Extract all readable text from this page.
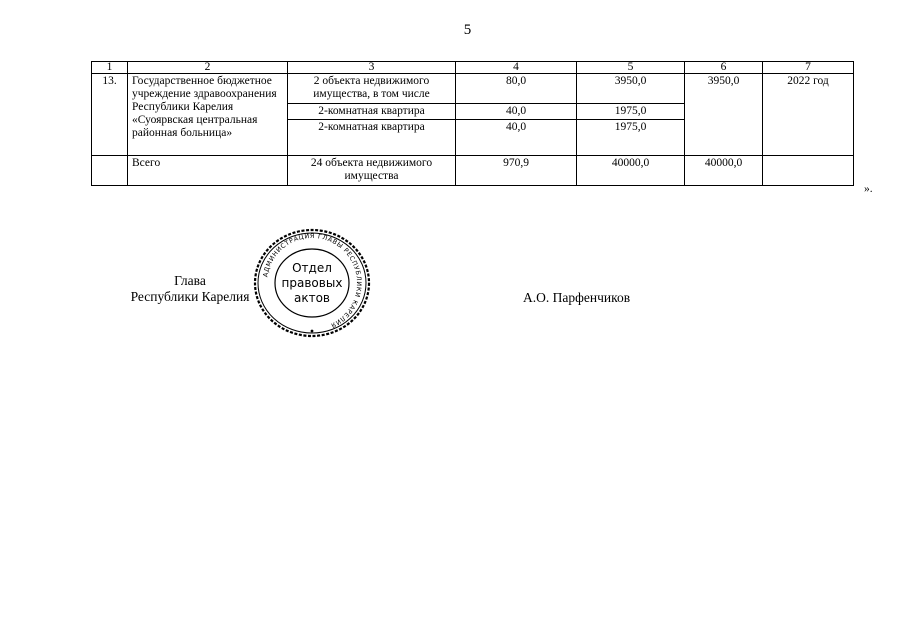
5
1	2	3	4	5	6	7
13.	Государственное бюджетное учреждение здравоохранения Республики Карелия «Суоярвская центральная районная больница»	2 объекта недвижимого имущества, в том числе	80,0	3950,0	3950,0	2022 год
		2-комнатная квартира	40,0	1975,0		
		2-комнатная квартира	40,0	1975,0		
	Всего	24 объекта недвижимого имущества	970,9	40000,0	40000,0	
».
Глава
Республики Карелия
АДМИНИСТРАЦИЯ ГЛАВЫ РЕСПУБЛИКИ КАРЕЛИЯ
Отдел
правовых
актов	А.О. Парфенчиков
